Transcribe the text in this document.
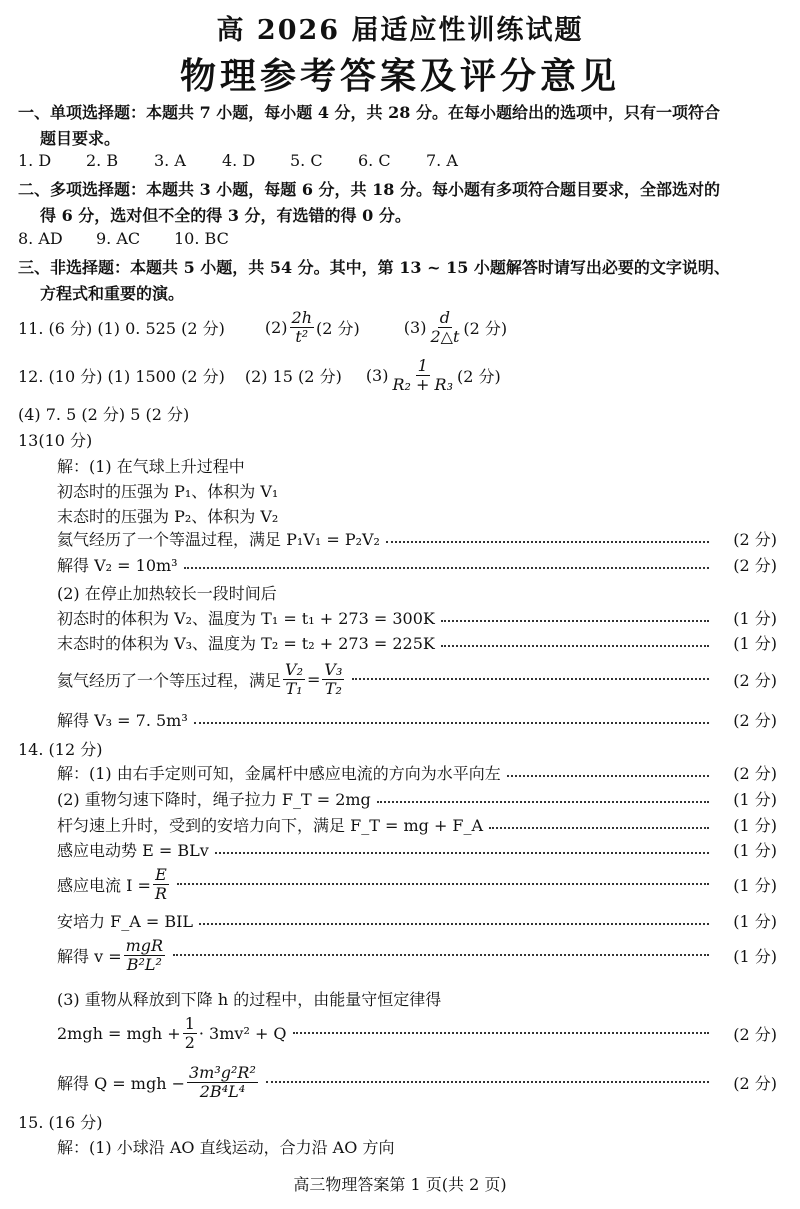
高 2026 届适应性训练试题
物理参考答案及评分意见
一、单项选择题：本题共 7 小题，每小题 4 分，共 28 分。在每小题给出的选项中，只有一项符合
题目要求。
1. D 2. B 3. A 4. D 5. C 6. C 7. A
二、多项选择题：本题共 3 小题，每题 6 分，共 18 分。每小题有多项符合题目要求，全部选对的
得 6 分，选对但不全的得 3 分，有选错的得 0 分。
8. AD 9. AC 10. BC
三、非选择题：本题共 5 小题，共 54 分。其中，第 13 ~ 15 小题解答时请写出必要的文字说明、
方程式和重要的演。
11. (6 分) (1) 0. 525 (2 分)	$(2) \frac{2h}{\text{t²}} (2$ 分)	$(3) \frac{d}{2\triangle t} (2$ 分)
12. (10 分) (1) 1500 (2 分) (2) 15 (2 分) $(3) \frac{1}{\text{R₂ + R₃}} (2$ 分)
(4) 7. 5 (2 分) 5 (2 分)
13(10 分)
解：(1) 在气球上升过程中
初态时的压强为 P₁、体积为 V₁
末态时的压强为 P₂、体积为 V₂
氦气经历了一个等温过程，满足 P₁V₁ = P₂V₂	(2 分)
解得 V₂ = 10m³	(2 分)
(2) 在停止加热较长一段时间后
初态时的体积为 V₂、温度为 T₁ = t₁ + 273 = 300K	(1 分)
末态时的体积为 V₃、温度为 T₂ = t₂ + 273 = 225K	(1 分)
氦气经历了一个等压过程，满足 $\frac{\text{V₂}}{\text{T₁}} = \frac{\text{V₃}}{\text{T₂}}$	(2 分)
解得 V₃ = 7. 5m³	(2 分)
14. (12 分)
解：(1) 由右手定则可知，金属杆中感应电流的方向为水平向左	(2 分)
(2) 重物匀速下降时，绳子拉力 F_T = 2mg	(1 分)
杆匀速上升时，受到的安培力向下，满足 F_T = mg + F_A	(1 分)
感应电动势 E = BLv	(1 分)
感应电流 $I = \frac{E}{R}$	(1 分)
安培力 F_A = BIL	(1 分)
解得 $v = \frac{\text{mgR}}{\text{B²L²}}$	(1 分)
(3) 重物从释放到下降 h 的过程中，由能量守恒定律得
2mgh = mgh + $\frac{1}{2} \cdot 3mv^2 + Q$	(2 分)
解得 Q = mgh − $\frac{\text{3m³g²R²}}{\text{2B⁴L⁴}}$	(2 分)
15. (16 分)
解：(1) 小球沿 AO 直线运动，合力沿 AO 方向
高三物理答案第 1 页(共 2 页)
